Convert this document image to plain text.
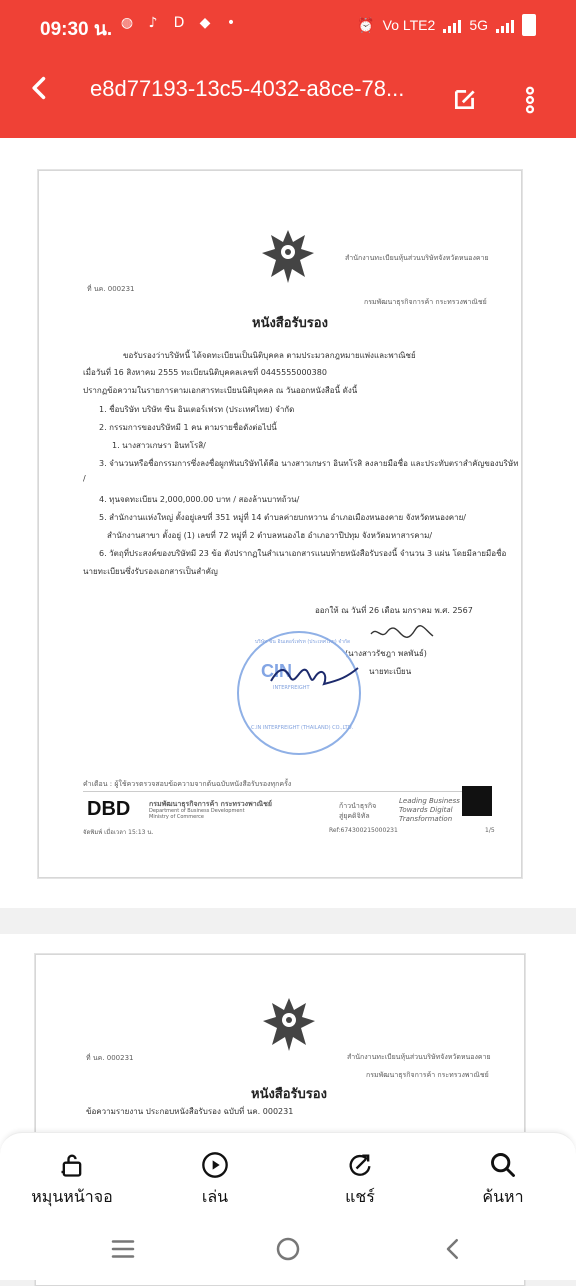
09:30 น. ◍	♪	D ◆	•	⏰ Vo LTE2 5G
e8d77193-13c5-4032-a8ce-78...
ที่ นค. 000231
สำนักงานทะเบียนหุ้นส่วนบริษัทจังหวัดหนองคาย
กรมพัฒนาธุรกิจการค้า กระทรวงพาณิชย์
หนังสือรับรอง
ขอรับรองว่าบริษัทนี้ ได้จดทะเบียนเป็นนิติบุคคล ตามประมวลกฎหมายแพ่งและพาณิชย์
เมื่อวันที่ 16 สิงหาคม 2555 ทะเบียนนิติบุคคลเลขที่ 0445555000380
ปรากฏข้อความในรายการตามเอกสารทะเบียนนิติบุคคล ณ วันออกหนังสือนี้ ดังนี้
1. ชื่อบริษัท บริษัท ซีน อินเตอร์เฟรท (ประเทศไทย) จำกัด
2. กรรมการของบริษัทมี 1 คน ตามรายชื่อดังต่อไปนี้
1. นางสาวเกษรา อินทโรสิ/
3. จำนวนหรือชื่อกรรมการซึ่งลงชื่อผูกพันบริษัทได้คือ นางสาวเกษรา อินทโรสิ ลงลายมือชื่อ และประทับตราสำคัญของบริษัท
/
4. ทุนจดทะเบียน 2,000,000.00 บาท / สองล้านบาทถ้วน/
5. สำนักงานแห่งใหญ่ ตั้งอยู่เลขที่ 351 หมู่ที่ 14 ตำบลค่ายบกหวาน อำเภอเมืองหนองคาย จังหวัดหนองคาย/
สำนักงานสาขา ตั้งอยู่ (1) เลขที่ 72 หมู่ที่ 2 ตำบลหนองไฮ อำเภอวาปีปทุม จังหวัดมหาสารคาม/
6. วัตถุที่ประสงค์ของบริษัทมี 23 ข้อ ดังปรากฏในสำเนาเอกสารแนบท้ายหนังสือรับรองนี้ จำนวน 3 แผ่น โดยมีลายมือชื่อ
นายทะเบียนซึ่งรับรองเอกสารเป็นสำคัญ
ออกให้ ณ วันที่ 26 เดือน มกราคม พ.ศ. 2567
(นางสาวรัชฎา พลพันธ์)
นายทะเบียน
บริษัท ซีน อินเตอร์เฟรท (ประเทศไทย) จำกัด
CIN
INTERFREIGHT
C.IN INTERFREIGHT (THAILAND) CO.,LTD.
คำเตือน : ผู้ใช้ควรตรวจสอบข้อความจากต้นฉบับหนังสือรับรองทุกครั้ง
DBD	กรมพัฒนาธุรกิจการค้า กระทรวงพาณิชย์
Department of Business Development
Ministry of Commerce
ก้าวนำธุรกิจ
สู่ยุคดิจิทัล
Leading Business
Towards Digital
Transformation
จัดพิมพ์ เมื่อเวลา 15:13 น.	Ref:674300215000231	1/5
ที่ นค. 000231	สำนักงานทะเบียนหุ้นส่วนบริษัทจังหวัดหนองคาย
กรมพัฒนาธุรกิจการค้า กระทรวงพาณิชย์
หนังสือรับรอง
ข้อความรายงาน ประกอบหนังสือรับรอง ฉบับที่ นค. 000231
หมุนหน้าจอ	เล่น	แชร์	ค้นหา
